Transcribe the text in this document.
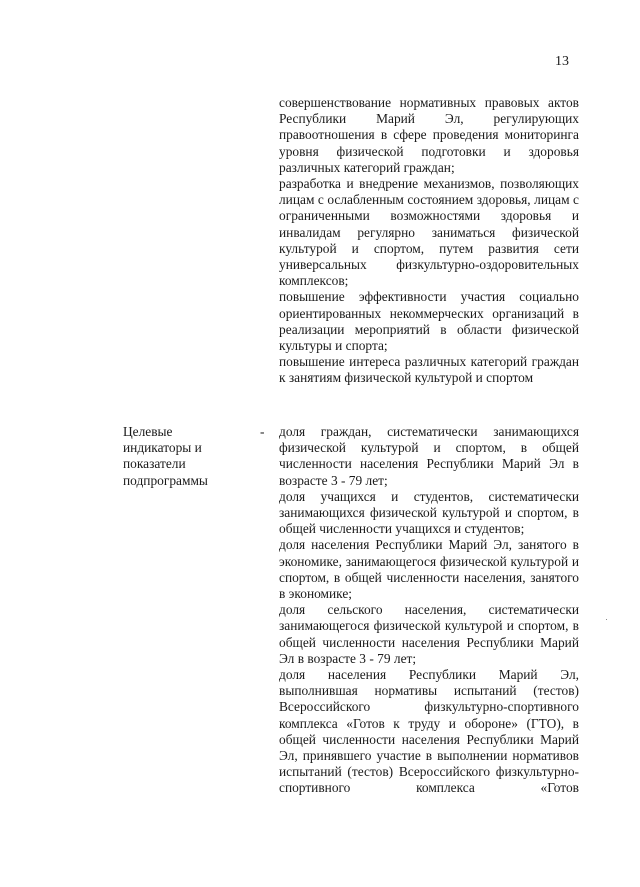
13

совершенствование нормативных правовых актов Республики Марий Эл, регулирующих правоотношения в сфере проведения мониторинга уровня физической подготовки и здоровья различных категорий граждан;

разработка и внедрение механизмов, позволяющих лицам с ослабленным состоянием здоровья, лицам с ограниченными возможностями здоровья и инвалидам регулярно заниматься физической культурой и спортом, путем развития сети универсальных физкультурно-оздоровительных комплексов;

повышение эффективности участия социально ориентированных некоммерческих организаций в реализации мероприятий в области физической культуры и спорта;

повышение интереса различных категорий граждан к занятиям физической культурой и спортом

Целевые
индикаторы и
показатели
подпрограммы
- доля граждан, систематически занимающихся физической культурой и спортом, в общей численности населения Республики Марий Эл в возрасте 3 - 79 лет;

доля учащихся и студентов, систематически занимающихся физической культурой и спортом, в общей численности учащихся и студентов;

доля населения Республики Марий Эл, занятого в экономике, занимающегося физической культурой и спортом, в общей численности населения, занятого в экономике;

доля сельского населения, систематически занимающегося физической культурой и спортом, в общей численности населения Республики Марий Эл в возрасте 3 - 79 лет;

доля населения Республики Марий Эл, выполнившая нормативы испытаний (тестов) Всероссийского физкультурно-спортивного комплекса «Готов к труду и обороне» (ГТО), в общей численности населения Республики Марий Эл, принявшего участие в выполнении нормативов испытаний (тестов) Всероссийского физкультурно-спортивного комплекса «Готов
